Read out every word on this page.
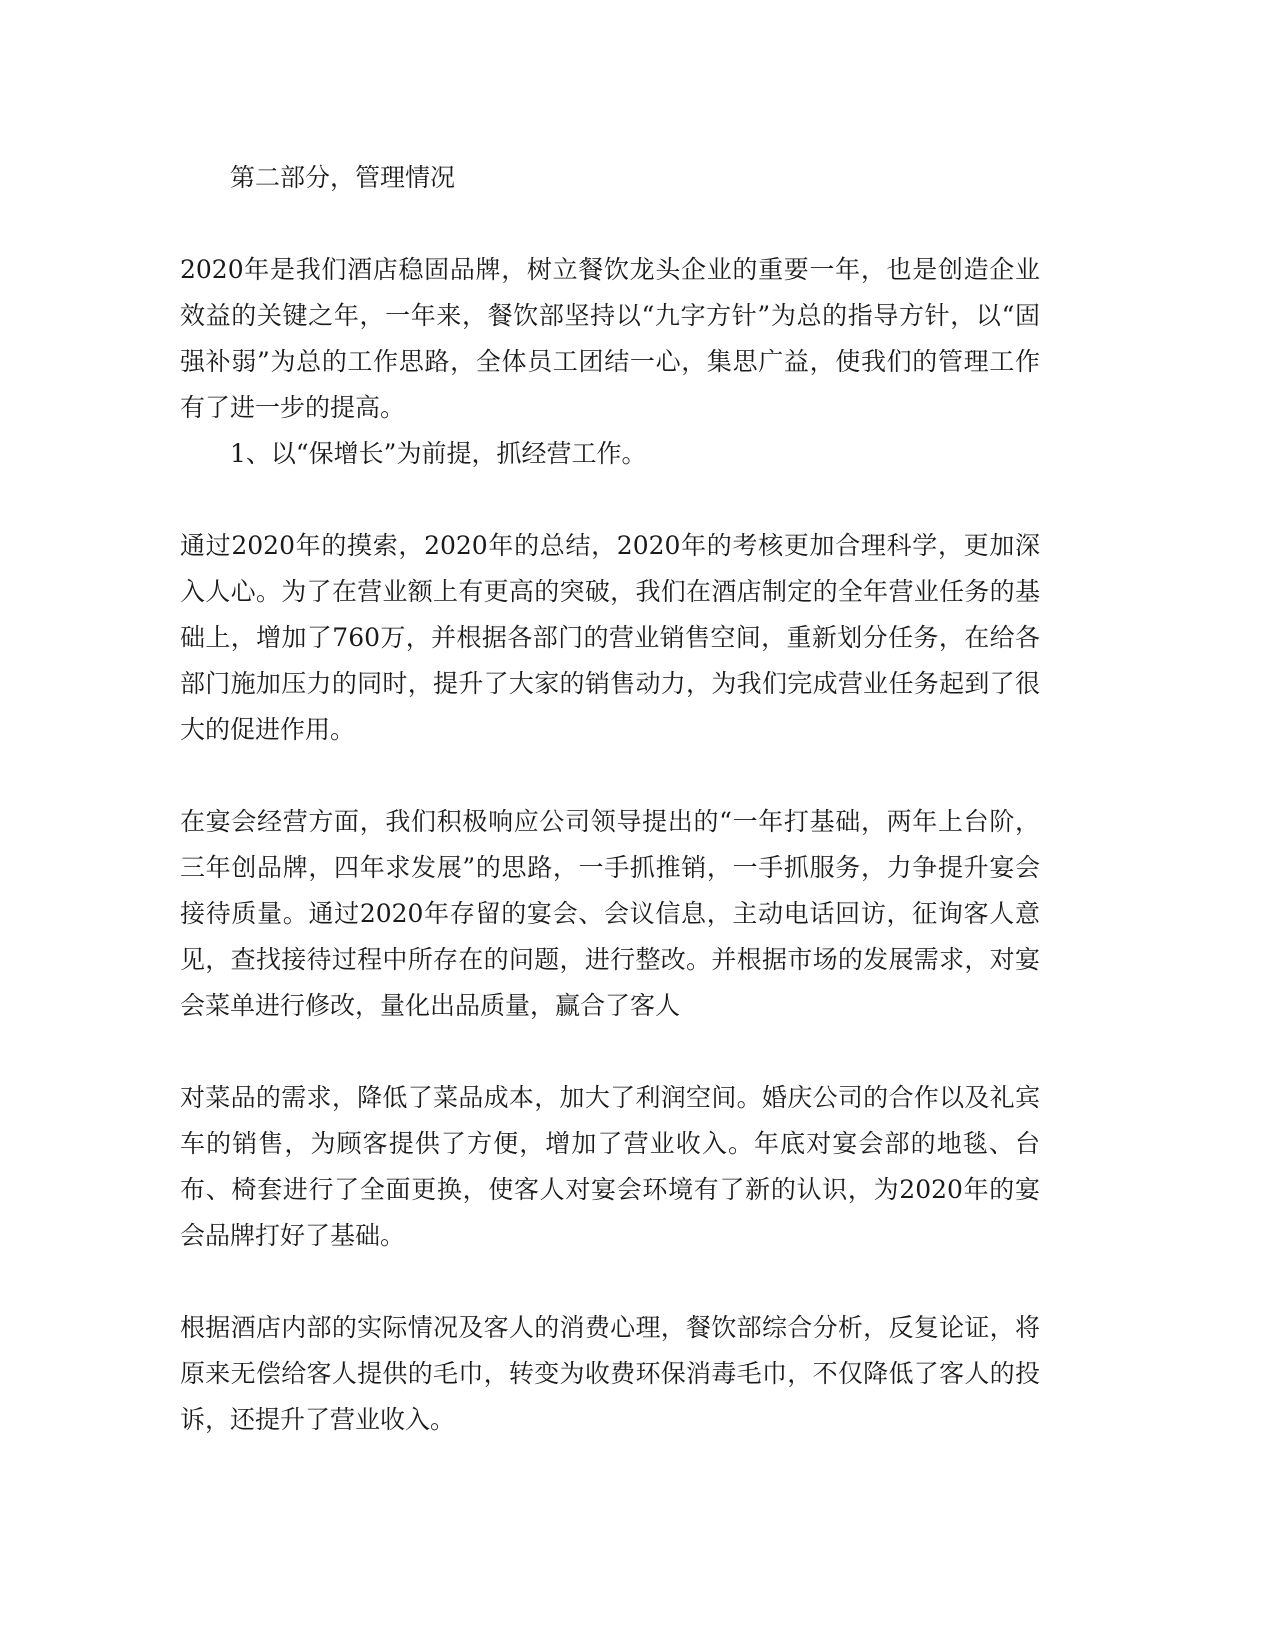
第二部分，管理情况

2020年是我们酒店稳固品牌，树立餐饮龙头企业的重要一年，也是创造企业效益的关键之年，一年来，餐饮部坚持以“九字方针”为总的指导方针，以“固强补弱”为总的工作思路，全体员工团结一心，集思广益，使我们的管理工作有了进一步的提高。

1、以“保增长”为前提，抓经营工作。

通过2020年的摸索，2020年的总结，2020年的考核更加合理科学，更加深入人心。为了在营业额上有更高的突破，我们在酒店制定的全年营业任务的基础上，增加了760万，并根据各部门的营业销售空间，重新划分任务，在给各部门施加压力的同时，提升了大家的销售动力，为我们完成营业任务起到了很大的促进作用。

在宴会经营方面，我们积极响应公司领导提出的“一年打基础，两年上台阶，三年创品牌，四年求发展”的思路，一手抓推销，一手抓服务，力争提升宴会接待质量。通过2020年存留的宴会、会议信息，主动电话回访，征询客人意见，查找接待过程中所存在的问题，进行整改。并根据市场的发展需求，对宴会菜单进行修改，量化出品质量，赢合了客人

对菜品的需求，降低了菜品成本，加大了利润空间。婚庆公司的合作以及礼宾车的销售，为顾客提供了方便，增加了营业收入。年底对宴会部的地毯、台布、椅套进行了全面更换，使客人对宴会环境有了新的认识，为2020年的宴会品牌打好了基础。

根据酒店内部的实际情况及客人的消费心理，餐饮部综合分析，反复论证，将原来无偿给客人提供的毛巾，转变为收费环保消毒毛巾，不仅降低了客人的投诉，还提升了营业收入。
